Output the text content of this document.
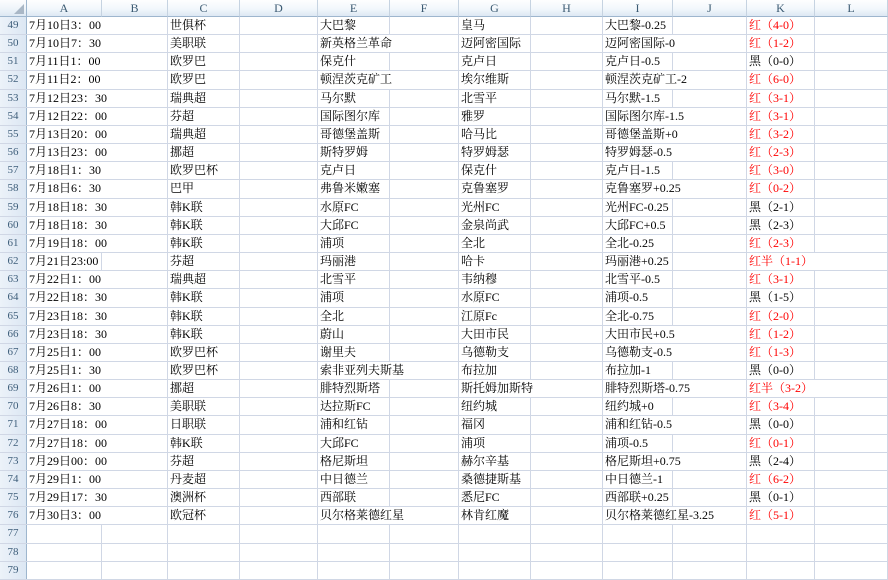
A	B	C	D	E	F	G	H	I	J	K	L
49 7月10日3：00	世俱杯	大巴黎	皇马	大巴黎-0.25	红（4-0）
50 7月10日7：30	美职联	新英格兰革命	迈阿密国际	迈阿密国际-0	红（1-2）
51 7月11日1：00	欧罗巴	保克什	克卢日	克卢日-0.5	黑（0-0）
52 7月11日2：00	欧罗巴	顿涅茨克矿工	埃尔维斯	顿涅茨克矿工-2	红（6-0）
53 7月12日23：30	瑞典超	马尔默	北雪平	马尔默-1.5	红（3-1）
54 7月12日22：00	芬超	国际图尔库	雅罗	国际图尔库-1.5	红（3-1）
55 7月13日20：00	瑞典超	哥德堡盖斯	哈马比	哥德堡盖斯+0	红（3-2）
56 7月13日23：00	挪超	斯特罗姆	特罗姆瑟	特罗姆瑟-0.5	红（2-3）
57 7月18日1：30	欧罗巴杯	克卢日	保克什	克卢日-1.5	红（3-0）
58 7月18日6：30	巴甲	弗鲁米嫩塞	克鲁塞罗	克鲁塞罗+0.25	红（0-2）
59 7月18日18：30	韩K联	水原FC	光州FC	光州FC-0.25	黑（2-1）
60 7月18日18：30	韩K联	大邱FC	金泉尚武	大邱FC+0.5	黑（2-3）
61 7月19日18：00	韩K联	浦项	全北	全北-0.25	红（2-3）
62 7月21日23:00	芬超	玛丽港	哈卡	玛丽港+0.25	红半（1-1）
63 7月22日1：00	瑞典超	北雪平	韦纳穆	北雪平-0.5	红（3-1）
64 7月22日18：30	韩K联	浦项	水原FC	浦项-0.5	黑（1-5）
65 7月23日18：30	韩K联	全北	江原Fc	全北-0.75	红（2-0）
66 7月23日18：30	韩K联	蔚山	大田市民	大田市民+0.5	红（1-2）
67 7月25日1：00	欧罗巴杯	谢里夫	乌德勒支	乌德勒支-0.5	红（1-3）
68 7月25日1：30	欧罗巴杯	索非亚列夫斯基	布拉加	布拉加-1	黑（0-0）
69 7月26日1：00	挪超	腓特烈斯塔	斯托姆加斯特	腓特烈斯塔-0.75	红半（3-2）
70 7月26日8：30	美职联	达拉斯FC	纽约城	纽约城+0	红（3-4）
71 7月27日18：00	日职联	浦和红钻	福冈	浦和红钻-0.5	黑（0-0）
72 7月27日18：00	韩K联	大邱FC	浦项	浦项-0.5	红（0-1）
73 7月29日00：00	芬超	格尼斯坦	赫尔辛基	格尼斯坦+0.75	黑（2-4）
74 7月29日1：00	丹麦超	中日德兰	桑德捷斯基	中日德兰-1	红（6-2）
75 7月29日17：30	澳洲杯	西部联	悉尼FC	西部联+0.25	黑（0-1）
76 7月30日3：00	欧冠杯	贝尔格莱德红星	林肯红魔	贝尔格莱德红星-3.25	红（5-1）
77
78
79
